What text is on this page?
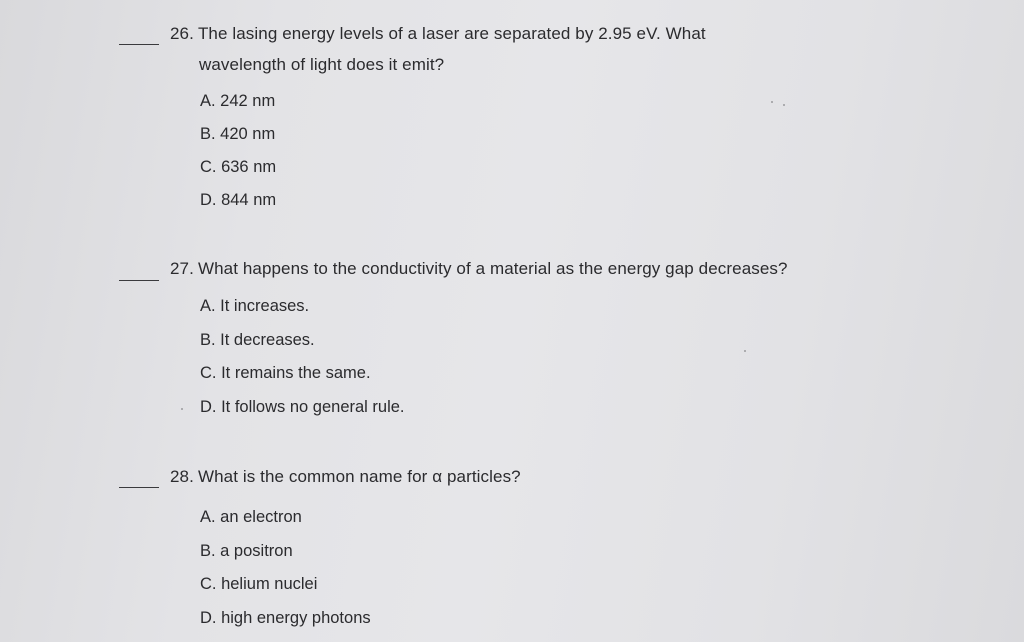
26. The lasing energy levels of a laser are separated by 2.95 eV. What
wavelength of light does it emit?
A. 242 nm
B. 420 nm
C. 636 nm
D. 844 nm
27. What happens to the conductivity of a material as the energy gap decreases?
A. It increases.
B. It decreases.
C. It remains the same.
D. It follows no general rule.
28. What is the common name for α particles?
A. an electron
B. a positron
C. helium nuclei
D. high energy photons
